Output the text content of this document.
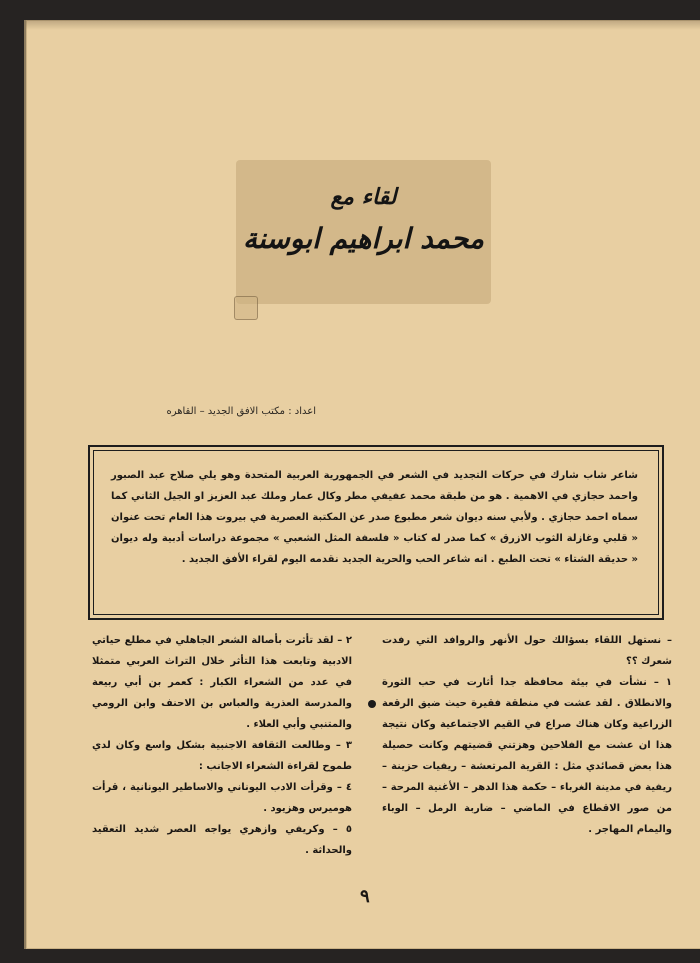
لقاء مع
محمد ابراهيم ابوسنة
اعداد : مكتب الافق الجديد – القاهره

شاعر شاب شارك في حركات التجديد في الشعر في الجمهورية العربية المتحدة وهو يلي صلاح عبد الصبور واحمد حجازي في الاهمية . هو من طبقة محمد عفيفي مطر وكال عمار وملك عبد العزيز او الجيل الثاني كما سماه احمد حجازي . ولأبي سنه ديوان شعر مطبوع صدر عن المكتبة العصرية في بيروت هذا العام تحت عنوان « قلبي وغازلة الثوب الازرق » كما صدر له كتاب « فلسفة المثل الشعبي » مجموعة دراسات أدبية وله ديوان « حديقة الشتاء » تحت الطبع . انه شاعر الحب والحرية الجديد نقدمه اليوم لقراء الأفق الجديد .

– نستهل اللقاء بسؤالك حول الأنهر والروافد التي رفدت شعرك ؟؟

١ – نشأت في بيئة محافظة جدا أثارت في حب الثورة والانطلاق . لقد عشت في منطقة فقيرة حيث ضيق الرقعة الزراعية وكان هناك صراع في القيم الاجتماعية وكان نتيجة هذا ان عشت مع الفلاحين وهزتني قضيتهم وكانت حصيلة هذا بعض قصائدي مثل : القرية المرتعشة – ريفيات حزينة – ريفية في مدينة الغرباء – حكمة هذا الدهر – الأغنية المرحة – من صور الاقطاع في الماضي – ضاربة الرمل – الوباء واليمام المهاجر .

٢ – لقد تأثرت بأصالة الشعر الجاهلي في مطلع حياتي الادبية وتابعت هذا التأثر خلال التراث العربي متمثلا في عدد من الشعراء الكبار : كعمر بن أبي ربيعة والمدرسة العذرية والعباس بن الاحنف وابن الرومي والمتنبي وأبي العلاء .

٣ – وطالعت الثقافة الاجنبية بشكل واسع وكان لدي طموح لقراءة الشعراء الاجانب :

٤ – وقرأت الادب اليوناني والاساطير اليونانية ، قرأت هوميرس وهزيود .

٥ – وكريفي وازهري يواجه العصر شديد التعقيد والحداثة .

٩
